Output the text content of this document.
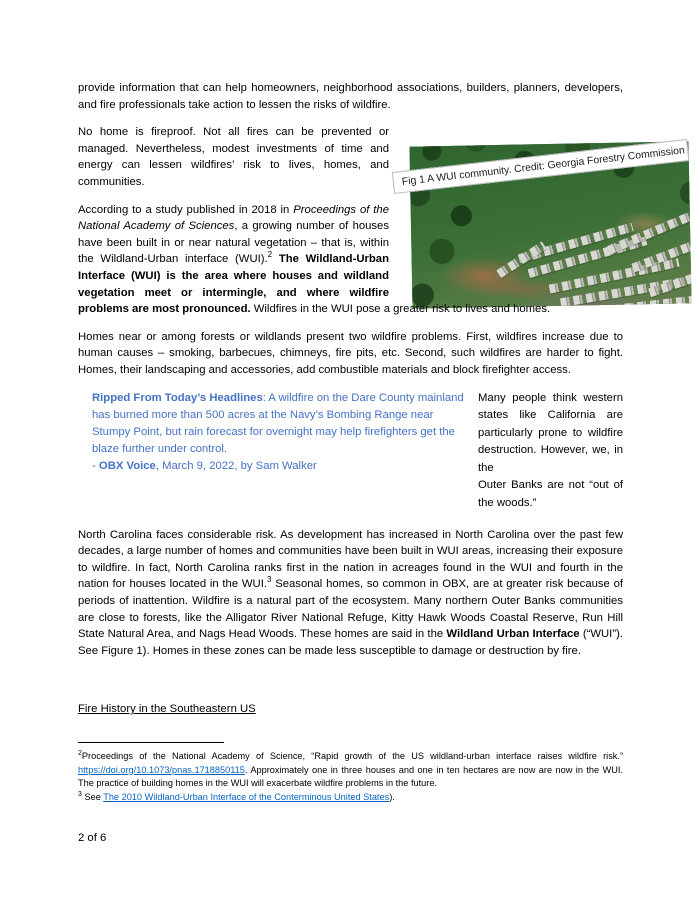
Fig 1 A WUI community. Credit: Georgia Forestry Commission

provide information that can help homeowners, neighborhood associations, builders, planners, developers, and fire professionals take action to lessen the risks of wildfire.

No home is fireproof. Not all fires can be prevented or managed. Nevertheless, modest investments of time and energy can lessen wildfires’ risk to lives, homes, and communities.

According to a study published in 2018 in Proceedings of the National Academy of Sciences, a growing number of houses have been built in or near natural vegetation – that is, within the Wildland-Urban interface (WUI).$^2$ The Wildland-Urban Interface (WUI) is the area where houses and wildland vegetation meet or intermingle, and where wildfire problems are most pronounced. Wildfires in the WUI pose a greater risk to lives and homes.

Homes near or among forests or wildlands present two wildfire problems. First, wildfires increase due to human causes – smoking, barbecues, chimneys, fire pits, etc. Second, such wildfires are harder to fight. Homes, their landscaping and accessories, add combustible materials and block firefighter access.

Ripped From Today’s Headlines: A wildfire on the Dare County mainland has burned more than 500 acres at the Navy’s Bombing Range near Stumpy Point, but rain forecast for overnight may help firefighters get the blaze further under control.

- OBX Voice, March 9, 2022, by Sam Walker

Many people think western states like California are particularly prone to wildfire destruction. However, we, in the

Outer Banks are not “out of the woods.”

North Carolina faces considerable risk. As development has increased in North Carolina over the past few decades, a large number of homes and communities have been built in WUI areas, increasing their exposure to wildfire. In fact, North Carolina ranks first in the nation in acreages found in the WUI and fourth in the nation for houses located in the WUI.$^3$ Seasonal homes, so common in OBX, are at greater risk because of periods of inattention. Wildfire is a natural part of the ecosystem. Many northern Outer Banks communities are close to forests, like the Alligator River National Refuge, Kitty Hawk Woods Coastal Reserve, Run Hill State Natural Area, and Nags Head Woods. These homes are said in the Wildland Urban Interface (“WUI”). See Figure 1). Homes in these zones can be made less susceptible to damage or destruction by fire.

Fire History in the Southeastern US

$^2$Proceedings of the National Academy of Science, “Rapid growth of the US wildland-urban interface raises wildfire risk.” https://doi.org/10.1073/pnas.1718850115. Approximately one in three houses and one in ten hectares are now are now in the WUI. The practice of building homes in the WUI will exacerbate wildfire problems in the future.

$^3$ See The 2010 Wildland-Urban Interface of the Conterminous United States).

2 of 6
